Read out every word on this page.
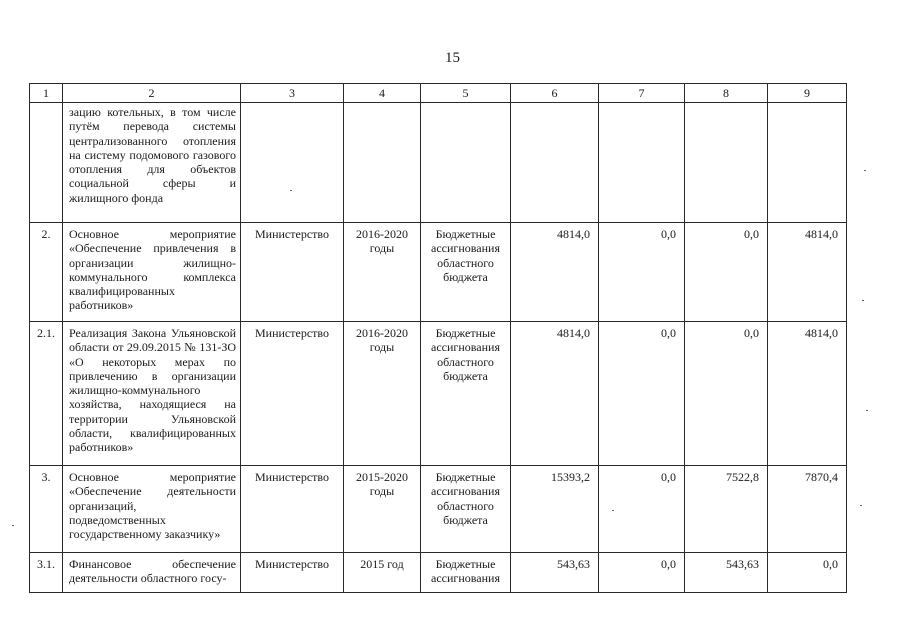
15
1	2	3	4	5	6	7	8	9
	зацию котельных, в том числе путём перевода системы централизованного отопления на систему подомового газового отопления для объектов социальной сферы и жилищного фонда							
2.	Основное мероприятие «Обеспечение привлечения в организации жилищно-коммунального комплекса квалифицированных работников»	Министерство	2016-2020 годы	Бюджетные ассигнования областного бюджета	4814,0	0,0	0,0	4814,0
2.1.	Реализация Закона Ульяновской области от 29.09.2015 № 131-ЗО «О некоторых мерах по привлечению в организации жилищно-коммунального хозяйства, находящиеся на территории Ульяновской области, квалифицированных работников»	Министерство	2016-2020 годы	Бюджетные ассигнования областного бюджета	4814,0	0,0	0,0	4814,0
3.	Основное мероприятие «Обеспечение деятельности организаций, подведомственных государственному заказчику»	Министерство	2015-2020 годы	Бюджетные ассигнования областного бюджета	15393,2	0,0	7522,8	7870,4
3.1.	Финансовое обеспечение деятельности областного госу-	Министерство	2015 год	Бюджетные ассигнования	543,63	0,0	543,63	0,0
